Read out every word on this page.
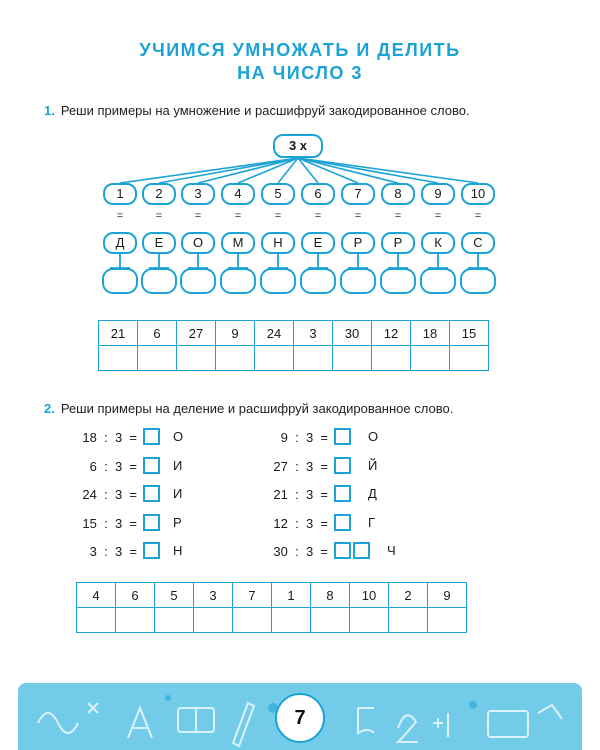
УЧИМСЯ УМНОЖАТЬ И ДЕЛИТЬ
НА ЧИСЛО 3
1. Реши примеры на умножение и расшифруй закодированное слово.
3 х
1
=
Д
2
=
Е
3
=
О
4
=
М
5
=
Н
6
=
Е
7
=
Р
8
=
Р
9
=
К
10
=
С
21	6	27	9	24	3	30	12	18	15

2. Реши примеры на деление и расшифруй закодированное слово.
18  :  3  =	О
6  :  3  =	И
24  :  3  =	И
15  :  3  =	Р
3  :  3  =	Н
9  :  3  =	О
27  :  3  =	Й
21  :  3  =	Д
12  :  3  =	Г
30  :  3  =	Ч
4	6	5	3	7	1	8	10	2	9

7
